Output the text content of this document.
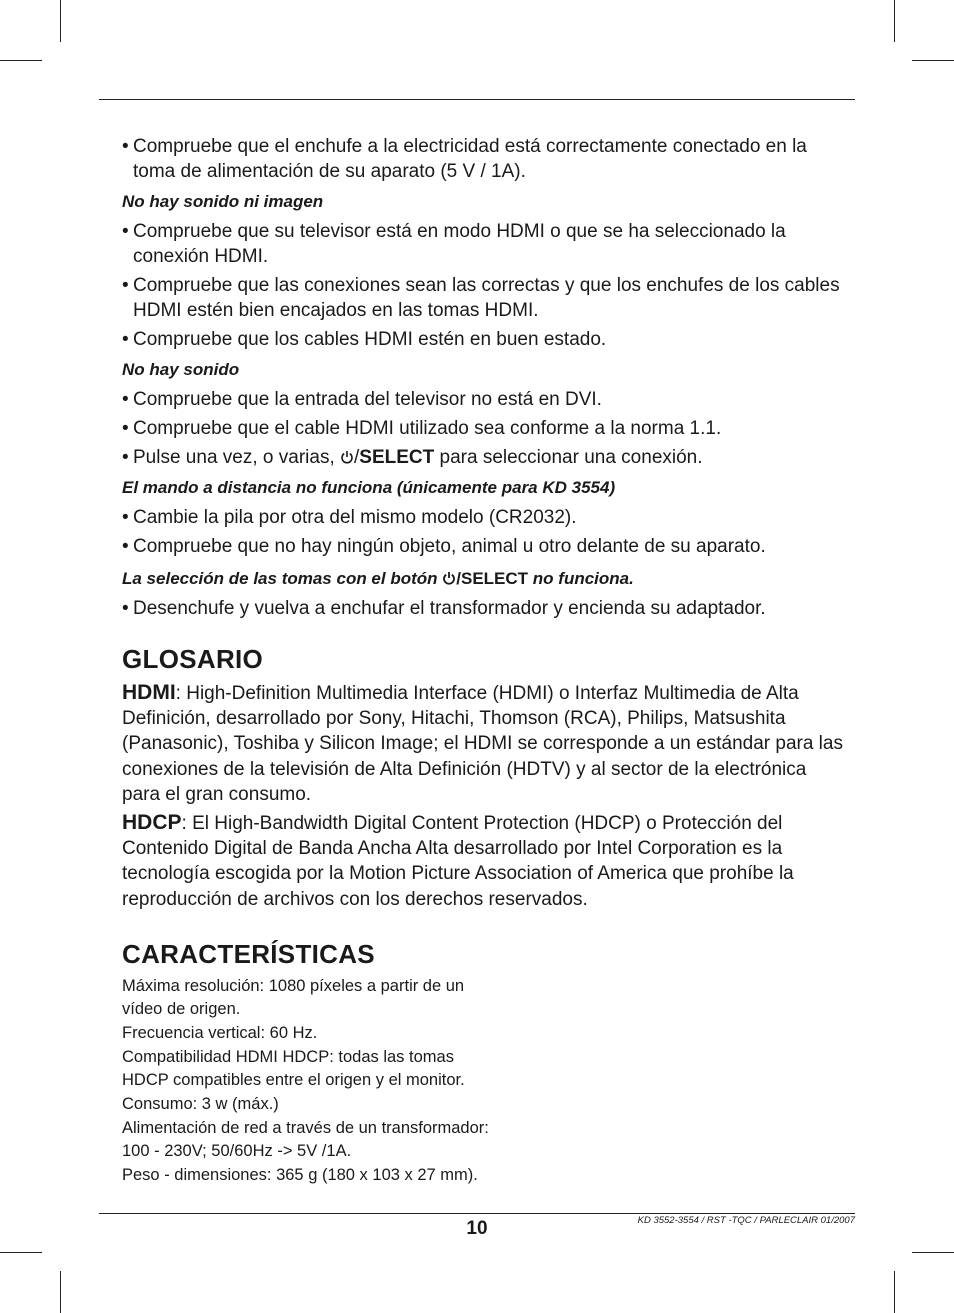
• Compruebe que el enchufe a la electricidad está correctamente conectado en la toma de alimentación de su aparato (5 V / 1A).

No hay sonido ni imagen

• Compruebe que su televisor está en modo HDMI o que se ha seleccionado la conexión HDMI.

• Compruebe que las conexiones sean las correctas y que los enchufes de los cables HDMI estén bien encajados en las tomas HDMI.

• Compruebe que los cables HDMI estén en buen estado.

No hay sonido

• Compruebe que la entrada del televisor no está en DVI.

• Compruebe que el cable HDMI utilizado sea conforme a la norma 1.1.

• Pulse una vez, o varias, /SELECT para seleccionar una conexión.

El mando a distancia no funciona (únicamente para KD 3554)

• Cambie la pila por otra del mismo modelo (CR2032).

• Compruebe que no hay ningún objeto, animal u otro delante de su aparato.

La selección de las tomas con el botón /SELECT no funciona.

• Desenchufe y vuelva a enchufar el transformador y encienda su adaptador.

GLOSARIO

HDMI: High-Definition Multimedia Interface (HDMI) o Interfaz Multimedia de Alta Definición, desarrollado por Sony, Hitachi, Thomson (RCA), Philips, Matsushita (Panasonic), Toshiba y Silicon Image; el HDMI se corresponde a un estándar para las conexiones de la televisión de Alta Definición (HDTV) y al sector de la electrónica para el gran consumo.

HDCP: El High-Bandwidth Digital Content Protection (HDCP) o Protección del Contenido Digital de Banda Ancha Alta desarrollado por Intel Corporation es la tecnología escogida por la Motion Picture Association of America que prohíbe la reproducción de archivos con los derechos reservados.

CARACTERÍSTICAS

Máxima resolución: 1080 píxeles a partir de un vídeo de origen.

Frecuencia vertical: 60 Hz.

Compatibilidad HDMI HDCP: todas las tomas HDCP compatibles entre el origen y el monitor.

Consumo: 3 w (máx.)

Alimentación de red a través de un transformador: 100 - 230V; 50/60Hz -> 5V /1A.

Peso - dimensiones: 365 g (180 x 103 x 27 mm).

10	KD 3552-3554 / RST -TQC / PARLECLAIR 01/2007
